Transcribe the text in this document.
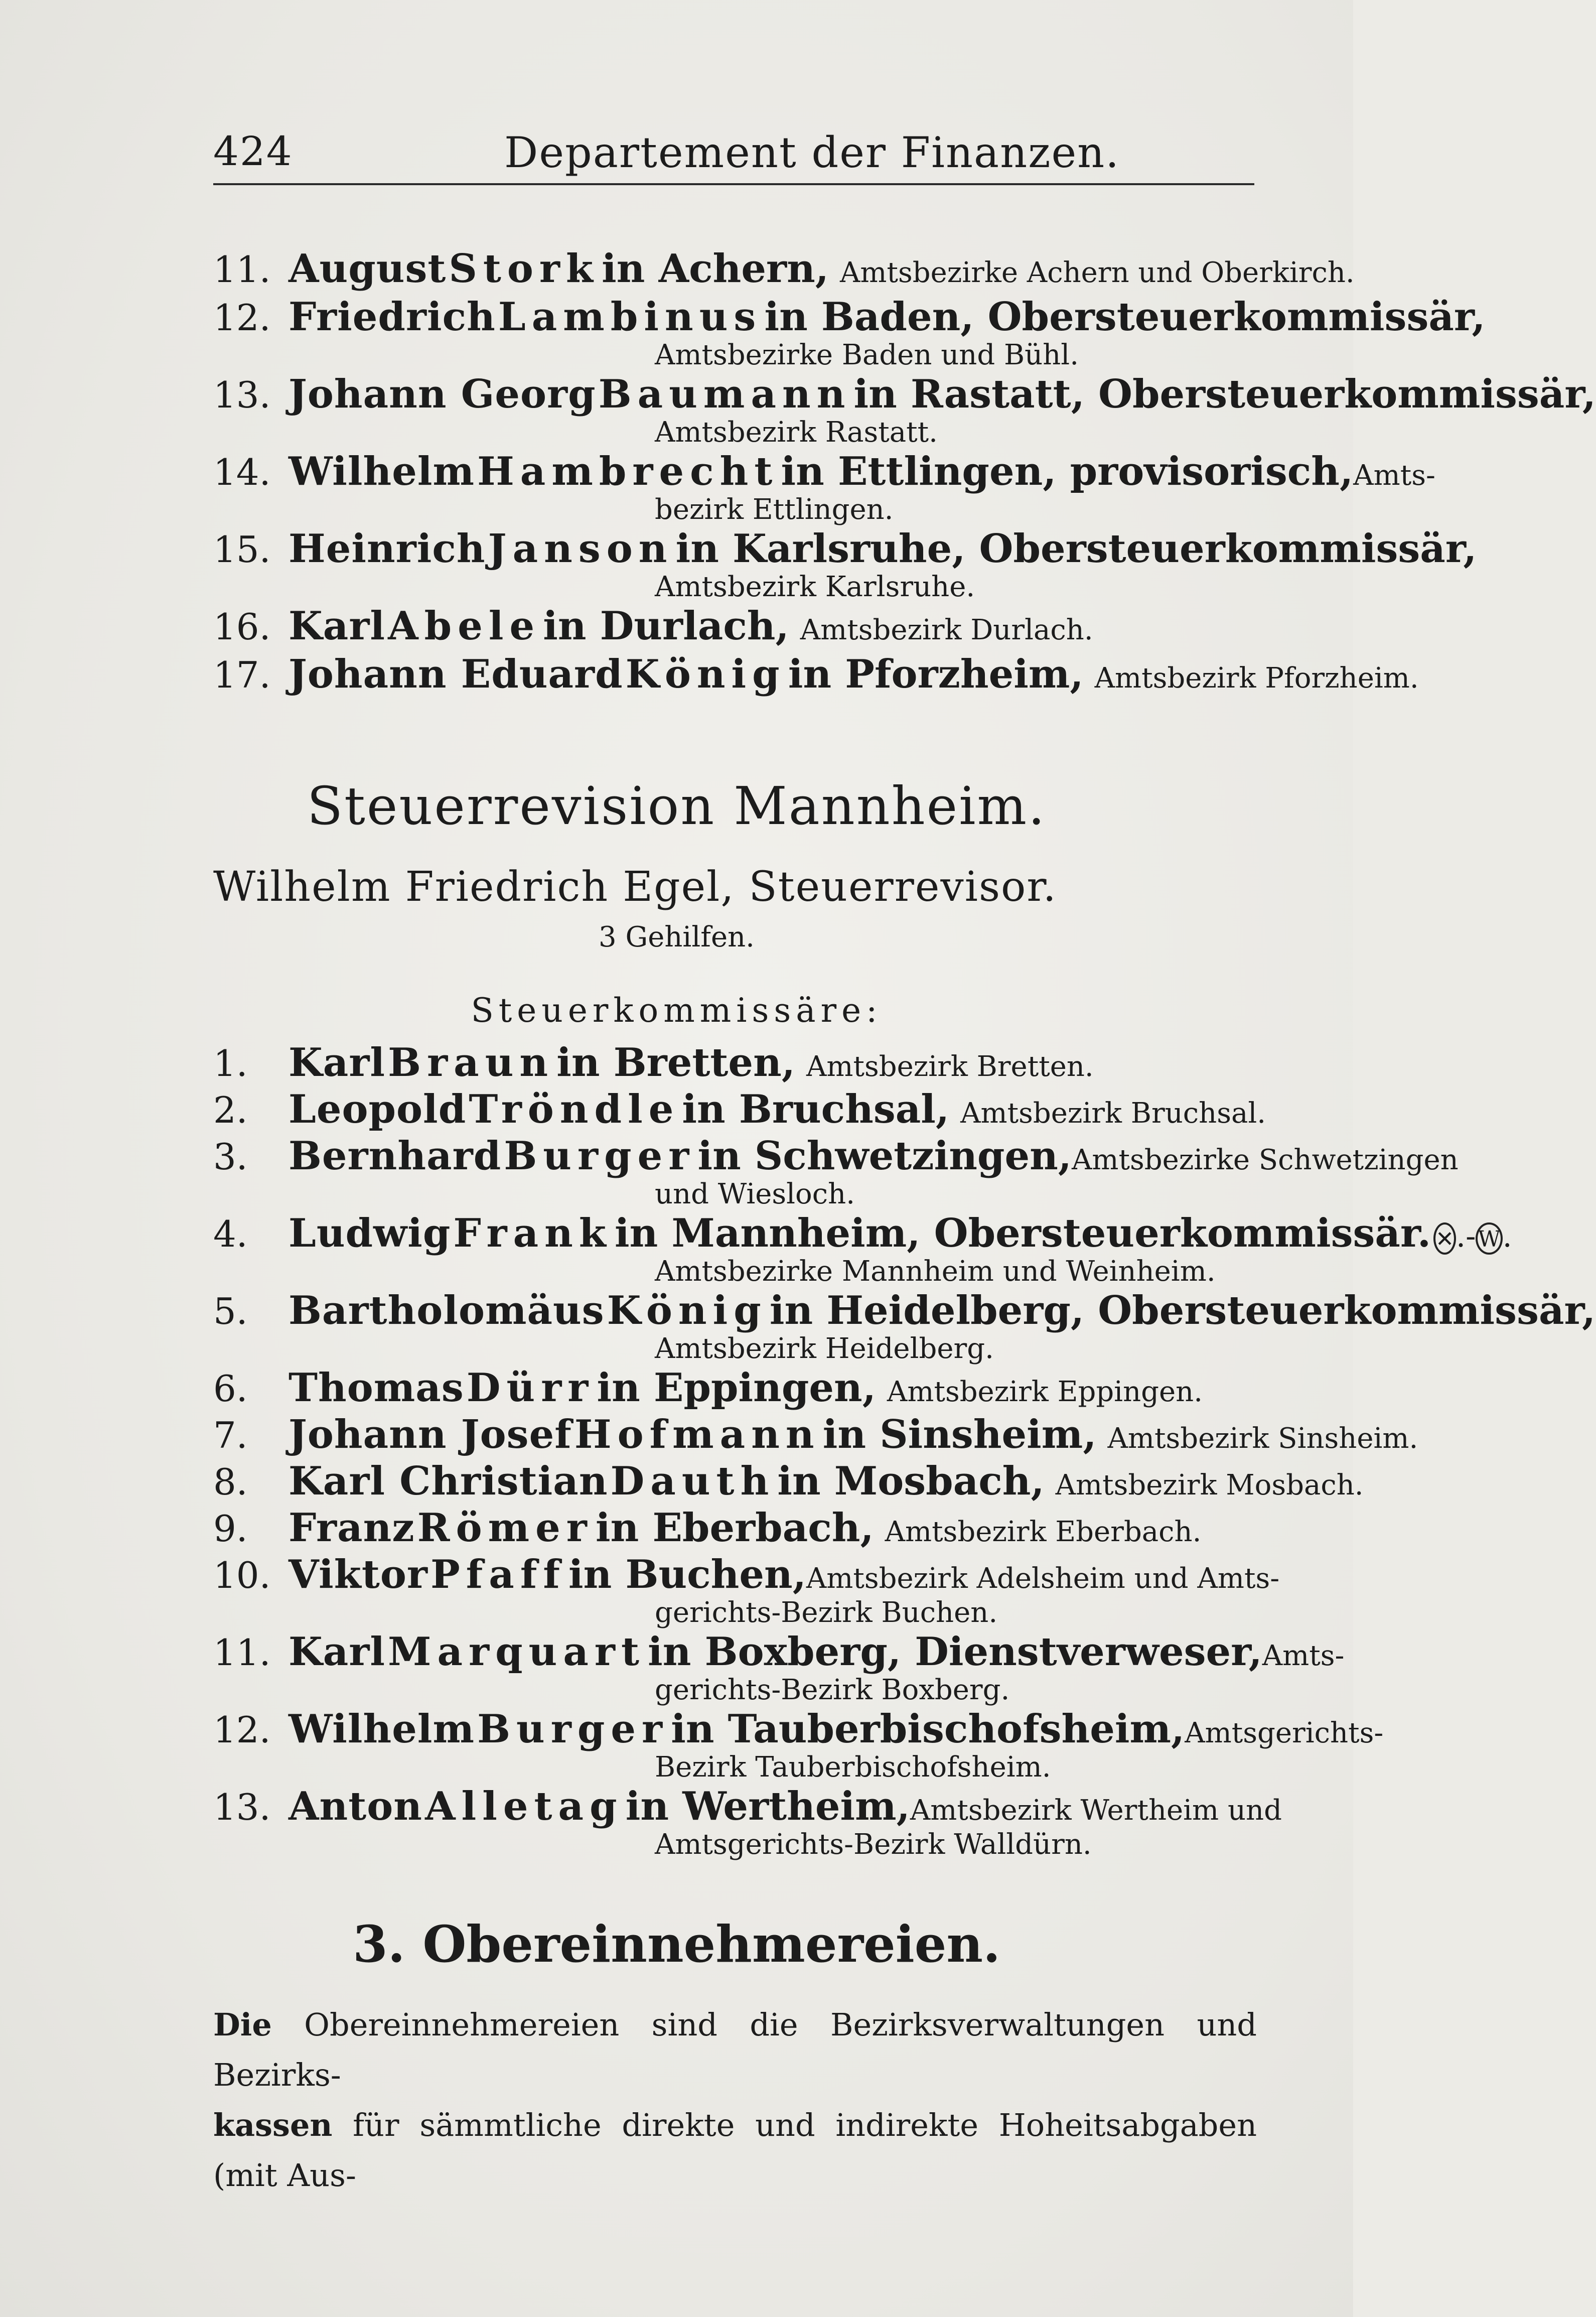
424	Departement der Finanzen.
11. August
Stork
in Achern, Amtsbezirke Achern und Oberkirch.
12. Friedrich
Lambinus
in Baden, Obersteuerkommissär,
Amtsbezirke Baden und Bühl.
13. Johann Georg
Baumann
in Rastatt, Obersteuerkommissär,
Amtsbezirk Rastatt.
14. Wilhelm
Hambrecht
in Ettlingen, provisorisch, Amts-
bezirk Ettlingen.
15. Heinrich
Janson
in Karlsruhe, Obersteuerkommissär,
Amtsbezirk Karlsruhe.
16. Karl
Abele
in Durlach, Amtsbezirk Durlach.
17. Johann Eduard
König
in Pforzheim, Amtsbezirk Pforzheim.
Steuerrevision Mannheim.
Wilhelm Friedrich Egel, Steuerrevisor.
3 Gehilfen.
Steuerkommissäre:
1.	Karl
Braun
in Bretten, Amtsbezirk Bretten.
2.	Leopold
Tröndle
in Bruchsal, Amtsbezirk Bruchsal.
3.	Bernhard
Burger
in Schwetzingen, Amtsbezirke Schwetzingen
und Wiesloch.
4.	Ludwig
Frank
in Mannheim, Obersteuerkommissär.
✕ .- W .
Amtsbezirke Mannheim und Weinheim.
5.	Bartholomäus
König
in Heidelberg, Obersteuerkommissär,
Amtsbezirk Heidelberg.
6.	Thomas
Dürr
in Eppingen, Amtsbezirk Eppingen.
7.	Johann Josef
Hofmann
in Sinsheim, Amtsbezirk Sinsheim.
8.	Karl Christian
Dauth
in Mosbach, Amtsbezirk Mosbach.
9.	Franz
Römer
in Eberbach, Amtsbezirk Eberbach.
10. Viktor
Pfaff
in Buchen, Amtsbezirk Adelsheim und Amts-
gerichts-Bezirk Buchen.
11. Karl
Marquart
in Boxberg, Dienstverweser, Amts-
gerichts-Bezirk Boxberg.
12. Wilhelm
Burger
in Tauberbischofsheim, Amtsgerichts-
Bezirk Tauberbischofsheim.
13. Anton
Alletag
in Wertheim, Amtsbezirk Wertheim und
Amtsgerichts-Bezirk Walldürn.
3. Obereinnehmereien.
Die Obereinnehmereien sind die Bezirksverwaltungen und Bezirks-
kassen für sämmtliche direkte und indirekte Hoheitsabgaben (mit Aus-
